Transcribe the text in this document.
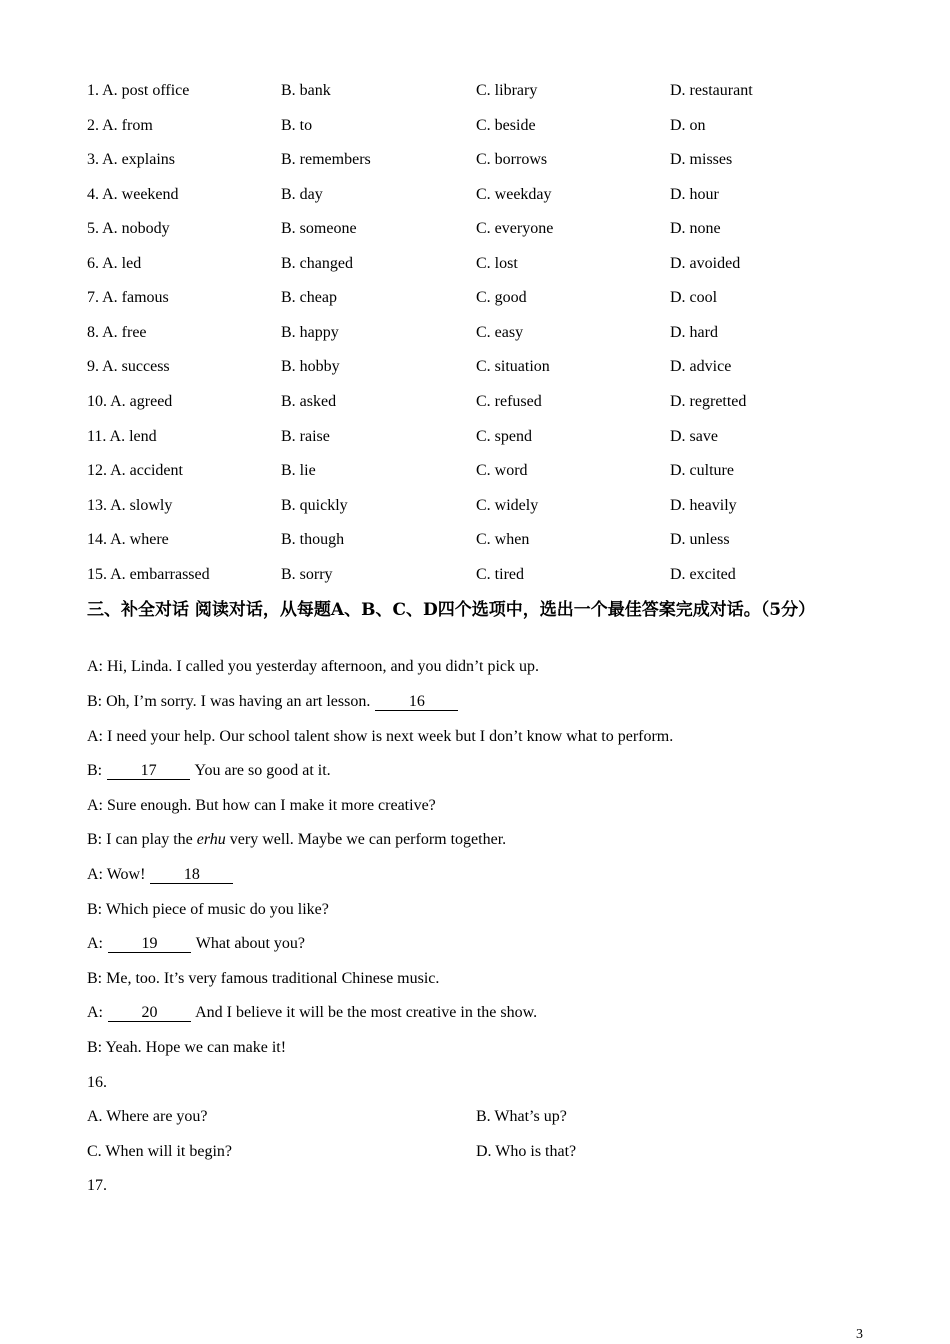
1. A. post office	B. bank	C. library	D. restaurant
2. A. from	B. to	C. beside	D. on
3. A. explains	B. remembers	C. borrows	D. misses
4. A. weekend	B. day	C. weekday	D. hour
5. A. nobody	B. someone	C. everyone	D. none
6. A. led	B. changed	C. lost	D. avoided
7. A. famous	B. cheap	C. good	D. cool
8. A. free	B. happy	C. easy	D. hard
9. A. success	B. hobby	C. situation	D. advice
10. A. agreed	B. asked	C. refused	D. regretted
11. A. lend	B. raise	C. spend	D. save
12. A. accident	B. lie	C. word	D. culture
13. A. slowly	B. quickly	C. widely	D. heavily
14. A. where	B. though	C. when	D. unless
15. A. embarrassed	B. sorry	C. tired	D. excited
三、补全对话 阅读对话，从每题A、B、C、D四个选项中，选出一个最佳答案完成对话。（5分）
A: Hi, Linda. I called you yesterday afternoon, and you didn’t pick up.
B: Oh, I’m sorry. I was having an art lesson. 16
A: I need your help. Our school talent show is next week but I don’t know what to perform.
B: 17 You are so good at it.
A: Sure enough. But how can I make it more creative?
B: I can play the erhu very well. Maybe we can perform together.
A: Wow! 18
B: Which piece of music do you like?
A: 19 What about you?
B: Me, too. It’s very famous traditional Chinese music.
A: 20 And I believe it will be the most creative in the show.
B: Yeah. Hope we can make it!
16.
A. Where are you?	B. What’s up?
C. When will it begin?	D. Who is that?
17.
3
